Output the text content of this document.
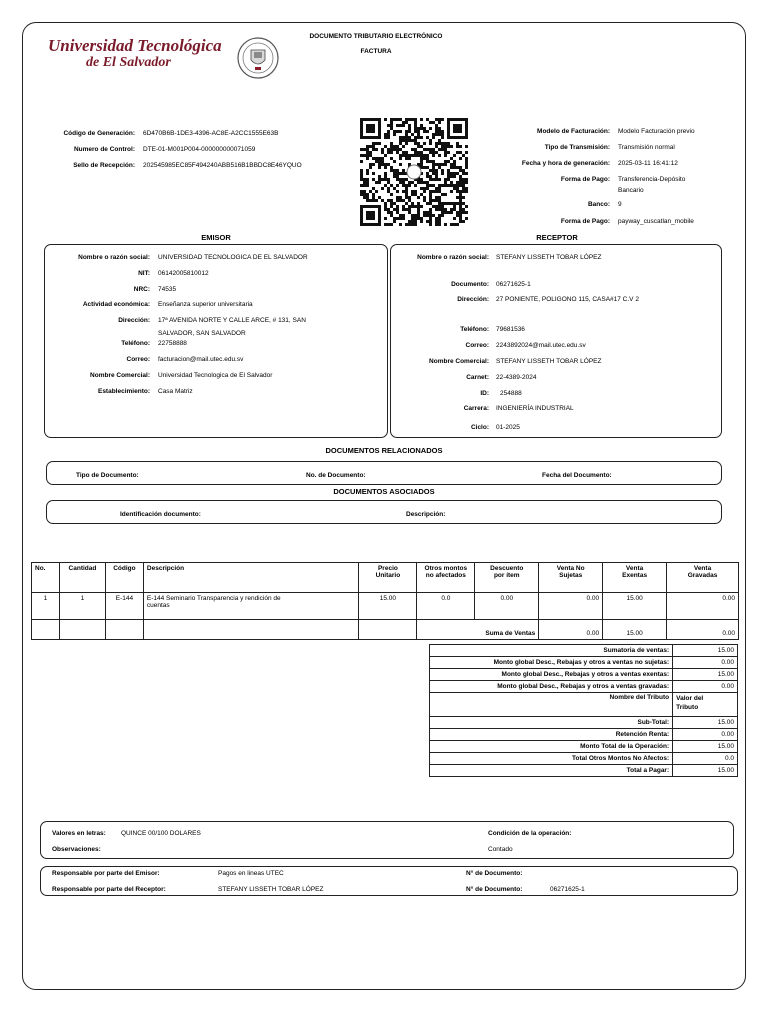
Universidad Tecnológica
de El Salvador
DOCUMENTO TRIBUTARIO ELECTRÓNICO
FACTURA
Código de Generación: 6D470B6B-1DE3-4396-AC8E-A2CC1555E63B
Numero de Control: DTE-01-M001P004-000000000071059
Sello de Recepción: 202545985EC85F494240ABB516B1BBDC8E46YQUO
Modelo de Facturación: Modelo Facturación previo
Tipo de Transmisión: Transmisión normal
Fecha y hora de generación: 2025-03-11 16:41:12
Forma de Pago: Transferencia-Depósito
Bancario
Banco: 9
Forma de Pago: payway_cuscatlan_mobile
EMISOR
Nombre o razón social: UNIVERSIDAD TECNOLOGICA DE EL SALVADOR
NIT: 06142005810012
NRC: 74535
Actividad económica: Enseñanza superior universitaria
Dirección: 17ª AVENIDA NORTE Y CALLE ARCE, # 131, SAN
SALVADOR, SAN SALVADOR
Teléfono: 22758888
Correo: facturacion@mail.utec.edu.sv
Nombre Comercial: Universidad Tecnologica de El Salvador
Establecimiento: Casa Matriz
RECEPTOR
Nombre o razón social: STEFANY LISSETH TOBAR LÓPEZ
Documento: 06271625-1
Dirección: 27 PONIENTE, POLIGONO 115, CASA#17 C.V 2
Teléfono: 79681536
Correo: 2243892024@mail.utec.edu.sv
Nombre Comercial: STEFANY LISSETH TOBAR LÓPEZ
Carnet: 22-4389-2024
ID: 254888
Carrera: INGENIERÍA INDUSTRIAL
Ciclo: 01-2025
DOCUMENTOS RELACIONADOS
Tipo de Documento:	No. de Documento:	Fecha del Documento:
DOCUMENTOS ASOCIADOS
Identificación documento:	Descripción:
No.	Cantidad	Código	Descripción	Precio
Unitario	Otros montos
no afectados	Descuento
por ítem	Venta No
Sujetas	Venta
Exentas	Venta
Gravadas
1	1	E-144	E-144 Seminario Transparencia y rendición de
cuentas	15.00	0.0	0.00	0.00	15.00	0.00
					Suma de Ventas		0.00	15.00	0.00
Sumatoria de ventas:	15.00
Monto global Desc., Rebajas y otros a ventas no sujetas:	0.00
Monto global Desc., Rebajas y otros a ventas exentas:	15.00
Monto global Desc., Rebajas y otros a ventas gravadas:	0.00
Nombre del Tributo	Valor del
Tributo
Sub-Total:	15.00
Retención Renta:	0.00
Monto Total de la Operación:	15.00
Total Otros Montos No Afectos:	0.0
Total a Pagar:	15.00
Valores en letras: QUINCE 00/100 DOLARES
Observaciones:
Condición de la operación:
Contado
Responsable por parte del Emisor:	Pagos en lineas UTEC
Responsable por parte del Receptor:	STEFANY LISSETH TOBAR LÓPEZ
N° de Documento:
N° de Documento:	06271625-1
